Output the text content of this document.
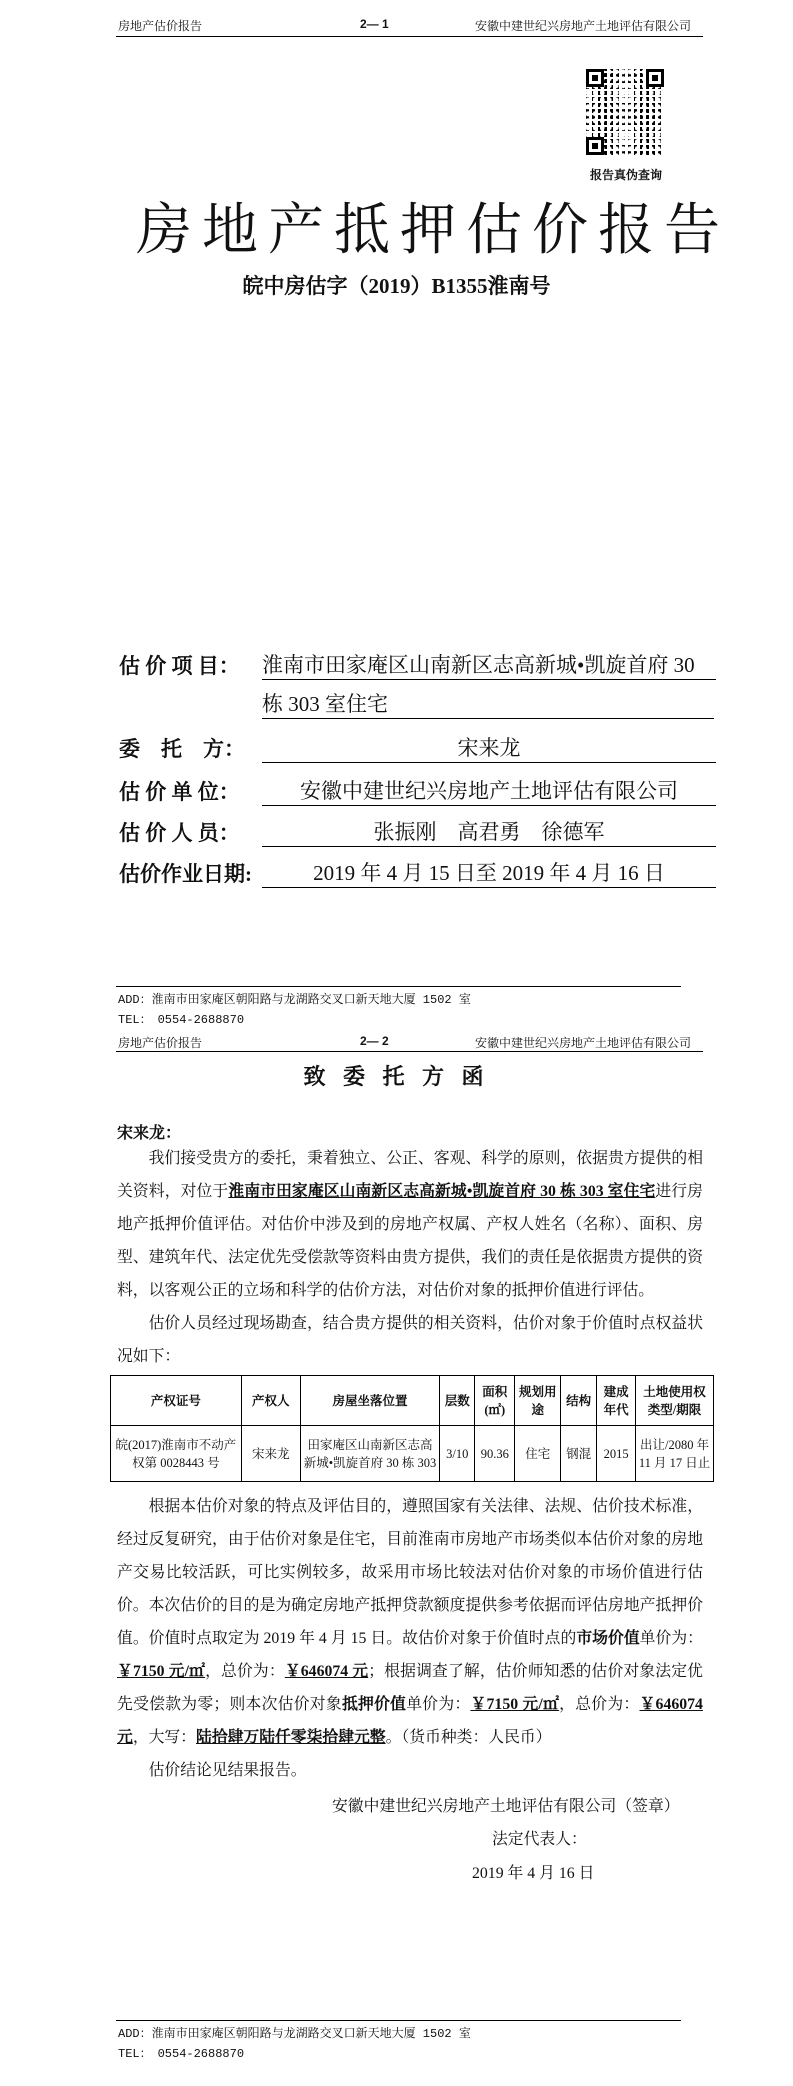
房地产估价报告	2— 1	安徽中建世纪兴房地产土地评估有限公司
报告真伪查询
房地产抵押估价报告
皖中房估字（2019）B1355淮南号
估 价 项 目：	淮南市田家庵区山南新区志高新城•凯旋首府 30
栋 303 室住宅
委　托　方：	宋来龙
估 价 单 位：	安徽中建世纪兴房地产土地评估有限公司
估 价 人 员：	张振刚　高君勇　徐德军
估价作业日期:	2019 年 4 月 15 日至 2019 年 4 月 16 日
ADD：淮南市田家庵区朝阳路与龙湖路交叉口新天地大厦 1502 室
TEL：　0554-2688870
房地产估价报告	2— 2	安徽中建世纪兴房地产土地评估有限公司
致 委 托 方 函
宋来龙：
我们接受贵方的委托，秉着独立、公正、客观、科学的原则，依据贵方提供的相关资料，对位于淮南市田家庵区山南新区志高新城•凯旋首府 30 栋 303 室住宅进行房地产抵押价值评估。对估价中涉及到的房地产权属、产权人姓名（名称）、面积、房型、建筑年代、法定优先受偿款等资料由贵方提供，我们的责任是依据贵方提供的资料，以客观公正的立场和科学的估价方法，对估价对象的抵押价值进行评估。
估价人员经过现场勘查，结合贵方提供的相关资料，估价对象于价值时点权益状况如下：
产权证号	产权人	房屋坐落位置	层数	面积(㎡)	规划用途	结构	建成年代	土地使用权类型/期限
皖(2017)淮南市不动产权第 0028443 号	宋来龙	田家庵区山南新区志高新城•凯旋首府 30 栋 303	3/10	90.36	住宅	钢混	2015	出让/2080 年 11 月 17 日止
根据本估价对象的特点及评估目的，遵照国家有关法律、法规、估价技术标准，经过反复研究，由于估价对象是住宅，目前淮南市房地产市场类似本估价对象的房地产交易比较活跃，可比实例较多，故采用市场比较法对估价对象的市场价值进行估价。 本次估价的目的是为确定房地产抵押贷款额度提供参考依据而评估房地产抵押价值。价值时点取定为 2019 年 4 月 15 日。故估价对象于价值时点的市场价值单价为：￥7150 元/㎡，总价为：￥646074 元；根据调查了解，估价师知悉的估价对象法定优先受偿款为零；则本次估价对象抵押价值单价为：￥7150 元/㎡，总价为：￥646074 元，大写：陆拾肆万陆仟零柒拾肆元整。（货币种类：人民币）
估价结论见结果报告。
安徽中建世纪兴房地产土地评估有限公司（签章）
法定代表人：
2019 年 4 月 16 日
ADD：淮南市田家庵区朝阳路与龙湖路交叉口新天地大厦 1502 室
TEL：　0554-2688870
